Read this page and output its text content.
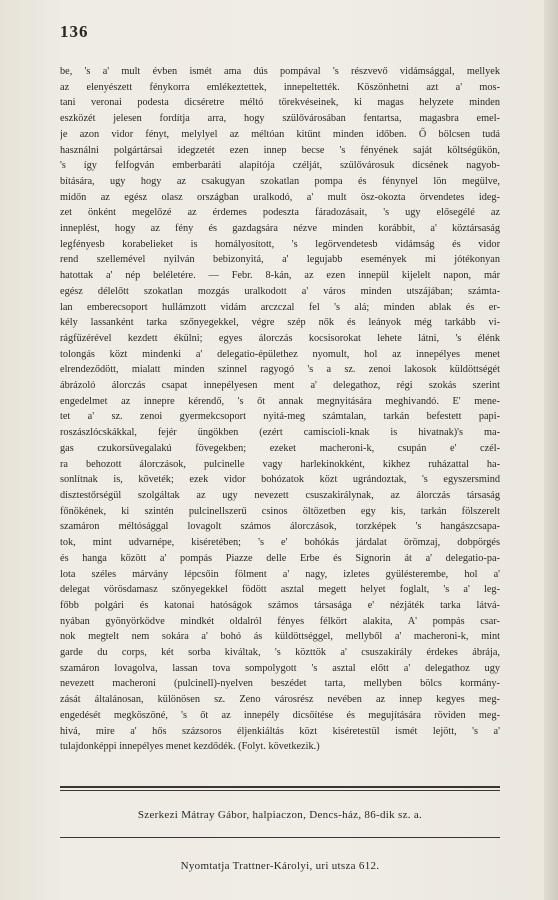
136
be, 's a' mult évben ismét ama dús pompával 's részvevő vidámsággal, mellyek
az elenyészett fénykorra emlékeztettek, innepeltették. Köszönhetni azt a' mos-
tani veronai podesta dicséretre méltó törekvéseinek, ki magas helyzete minden
eszközét jelesen fordítja arra, hogy szülővárosában fentartsa, magasbra emel-
je azon vidor fényt, melylyel az méltóan kitűnt minden időben. Ő bölcsen tudá
használni polgártársai idegzetét ezen innep becse 's fényének saját költségükön,
's így felfogván emberbaráti alapítója czélját, szülővárosuk dicsének nagyob-
bítására, ugy hogy az csakugyan szokatlan pompa és fénynyel lön megülve,
midőn az egész olasz országban uralkodó, a' mult ösz-okozta örvendetes ideg-
zet önként megelőzé az érdemes podeszta fáradozásait, 's ugy elősegélé az
inneplést, hogy az fény és gazdagsára nézve minden korábbit, a' köztársaság
legfényesb korabelieket is homályosított, 's legörvendetesb vidámság és vidor
rend szellemével nyilván bebizonyitá, a' legujabb események mi jótékonyan
hatottak a' nép beléletére. — Febr. 8-kán, az ezen innepül kijelelt napon, már
egész délelőtt szokatlan mozgás uralkodott a' város minden utszájában; számta-
lan emberecsoport hullámzott vidám arczczal fel 's alá; minden ablak és er-
kély lassanként tarka szőnyegekkel, végre szép nők és leányok még tarkább vi-
rágfüzérével kezdett ékülni; egyes álorczás kocsisorokat lehete látni, 's élénk
tolongás közt mindenki a' delegatio-épülethez nyomult, hol az innepélyes menet
elrendeződött, mialatt minden szinnel ragyogó 's a sz. zenoi lakosok küldöttségét
ábrázoló álorczás csapat innepélyesen ment a' delegathoz, régi szokás szerint
engedelmet az innepre kérendő, 's őt annak megnyitására meghivandó. E' mene-
tet a' sz. zenoi gyermekcsoport nyitá-meg számtalan, tarkán befestett papi-
roszászlócskákkal, fejér üngökben (ezért camiscioli-knak is hivatnak)'s ma-
gas czukorsüvegalakú fövegekben; ezeket macheroni-k, csupán e' czél-
ra behozott álorczások, pulcinelle vagy harlekinokként, kikhez ruházattal ha-
sonlítnak is, követék; ezek vidor bohózatok közt ugrándoztak, 's egyszersmind
disztestőrségül szolgáltak az ugy nevezett csuszakirálynak, az álorczás társaság
főnökének, ki szintén pulcinellszerű csinos öltözetben egy kis, tarkán fölszerelt
szamáron méltósággal lovagolt számos álorczások, torzképek 's hangászcsapa-
tok, mint udvarnépe, kiséretében; 's e' bohókás járdalat örömzaj, dobpörgés
és hanga között a' pompás Piazze delle Erbe és Signorin át a' delegatio-pa-
lota széles márvány lépcsőin fölment a' nagy, izletes gyülésterembe, hol a'
delegat vörösdamasz szőnyegekkel födött asztal megett helyet foglalt, 's a' leg-
főbb polgári és katonai hatóságok számos társasága e' nézjáték tarka látvá-
nyában gyönyörködve mindkét oldalról fényes félkört alakíta, A' pompás csar-
nok megtelt nem sokára a' bohó ás küldöttséggel, mellyből a' macheroni-k, mint
garde du corps, két sorba kiváltak, 's közttök a' csuszakirály érdekes ábrája,
szamáron lovagolva, lassan tova sompolygott 's asztal előtt a' delegathoz ugy
nevezett macheroni (pulcinell)-nyelven beszédet tarta, mellyben bölcs kormány-
zását általánosan, különösen sz. Zeno városrész nevében az innep kegyes meg-
engedését megköszöné, 's őt az innepély dicsőítése és megujítására röviden meg-
hivá, mire a' hős százsoros éljenkiáltás közt kiséretestül ismét lejött, 's a'
tulajdonképpi innepélyes menet kezdődék. (Folyt. következik.)
Szerkezi Mátray Gábor, halpiaczon, Dencs-ház, 86-dik sz. a.
Nyomtatja Trattner-Károlyi, uri utsza 612.
